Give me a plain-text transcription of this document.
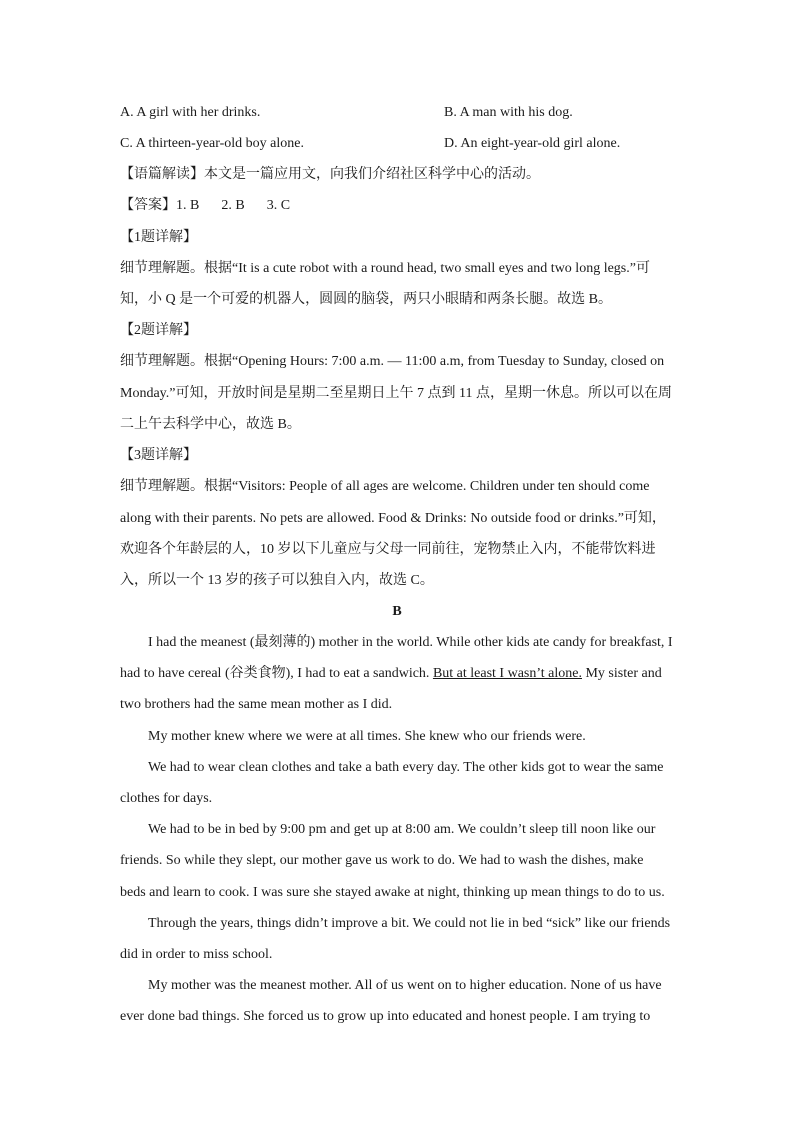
A. A girl with her drinks.	B. A man with his dog.
C. A thirteen-year-old boy alone.	D. An eight-year-old girl alone.
【语篇解读】本文是一篇应用文，向我们介绍社区科学中心的活动。
【答案】1. B 2. B 3. C
【1题详解】
细节理解题。根据“It is a cute robot with a round head, two small eyes and two long legs.”可
知，小 Q 是一个可爱的机器人，圆圆的脑袋，两只小眼睛和两条长腿。故选 B。
【2题详解】
细节理解题。根据“Opening Hours: 7:00 a.m. — 11:00 a.m, from Tuesday to Sunday, closed on
Monday.”可知，开放时间是星期二至星期日上午 7 点到 11 点，星期一休息。所以可以在周
二上午去科学中心，故选 B。
【3题详解】
细节理解题。根据“Visitors: People of all ages are welcome. Children under ten should come
along with their parents. No pets are allowed. Food & Drinks: No outside food or drinks.”可知，
欢迎各个年龄层的人，10 岁以下儿童应与父母一同前往，宠物禁止入内，不能带饮料进
入，所以一个 13 岁的孩子可以独自入内，故选 C。
B
I had the meanest (最刻薄的) mother in the world. While other kids ate candy for breakfast, I
had to have cereal (谷类食物), I had to eat a sandwich. But at least I wasn’t alone. My sister and
two brothers had the same mean mother as I did.
My mother knew where we were at all times. She knew who our friends were.
We had to wear clean clothes and take a bath every day. The other kids got to wear the same
clothes for days.
We had to be in bed by 9:00 pm and get up at 8:00 am. We couldn’t sleep till noon like our
friends. So while they slept, our mother gave us work to do. We had to wash the dishes, make
beds and learn to cook. I was sure she stayed awake at night, thinking up mean things to do to us.
Through the years, things didn’t improve a bit. We could not lie in bed “sick” like our friends
did in order to miss school.
My mother was the meanest mother. All of us went on to higher education. None of us have
ever done bad things. She forced us to grow up into educated and honest people. I am trying to
